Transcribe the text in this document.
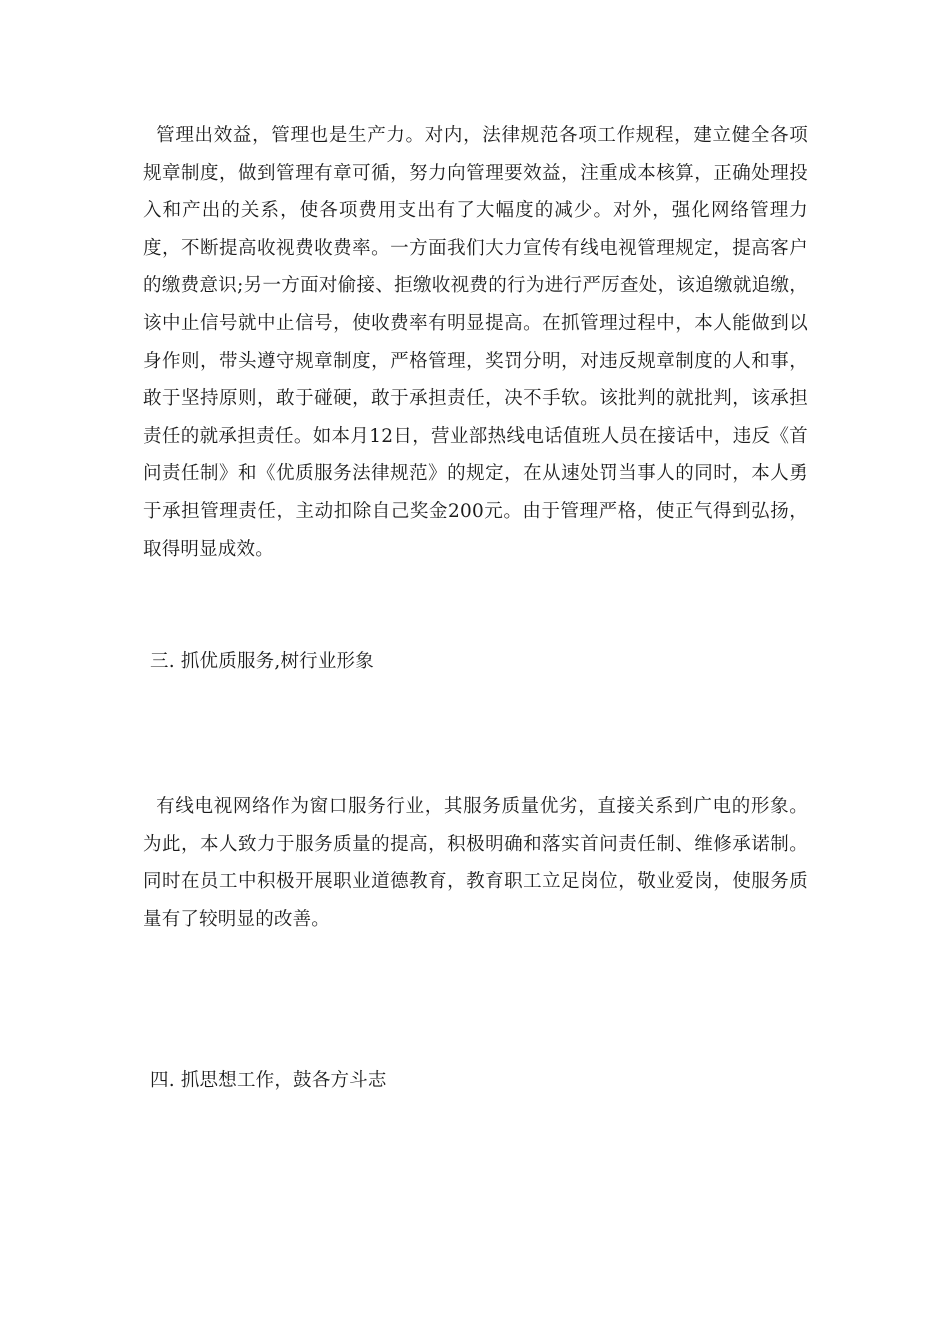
管理出效益，管理也是生产力。对内，法律规范各项工作规程，建立健全各项规章制度，做到管理有章可循，努力向管理要效益，注重成本核算，正确处理投入和产出的关系，使各项费用支出有了大幅度的减少。对外，强化网络管理力度，不断提高收视费收费率。一方面我们大力宣传有线电视管理规定，提高客户的缴费意识;另一方面对偷接、拒缴收视费的行为进行严厉查处，该追缴就追缴，该中止信号就中止信号，使收费率有明显提高。在抓管理过程中，本人能做到以身作则，带头遵守规章制度，严格管理，奖罚分明，对违反规章制度的人和事，敢于坚持原则，敢于碰硬，敢于承担责任，决不手软。该批判的就批判，该承担责任的就承担责任。如本月12日，营业部热线电话值班人员在接话中，违反《首问责任制》和《优质服务法律规范》的规定，在从速处罚当事人的同时，本人勇于承担管理责任，主动扣除自己奖金200元。由于管理严格，使正气得到弘扬，取得明显成效。

三. 抓优质服务,树行业形象

有线电视网络作为窗口服务行业，其服务质量优劣，直接关系到广电的形象。为此，本人致力于服务质量的提高，积极明确和落实首问责任制、维修承诺制。同时在员工中积极开展职业道德教育，教育职工立足岗位，敬业爱岗，使服务质量有了较明显的改善。

四. 抓思想工作，鼓各方斗志
